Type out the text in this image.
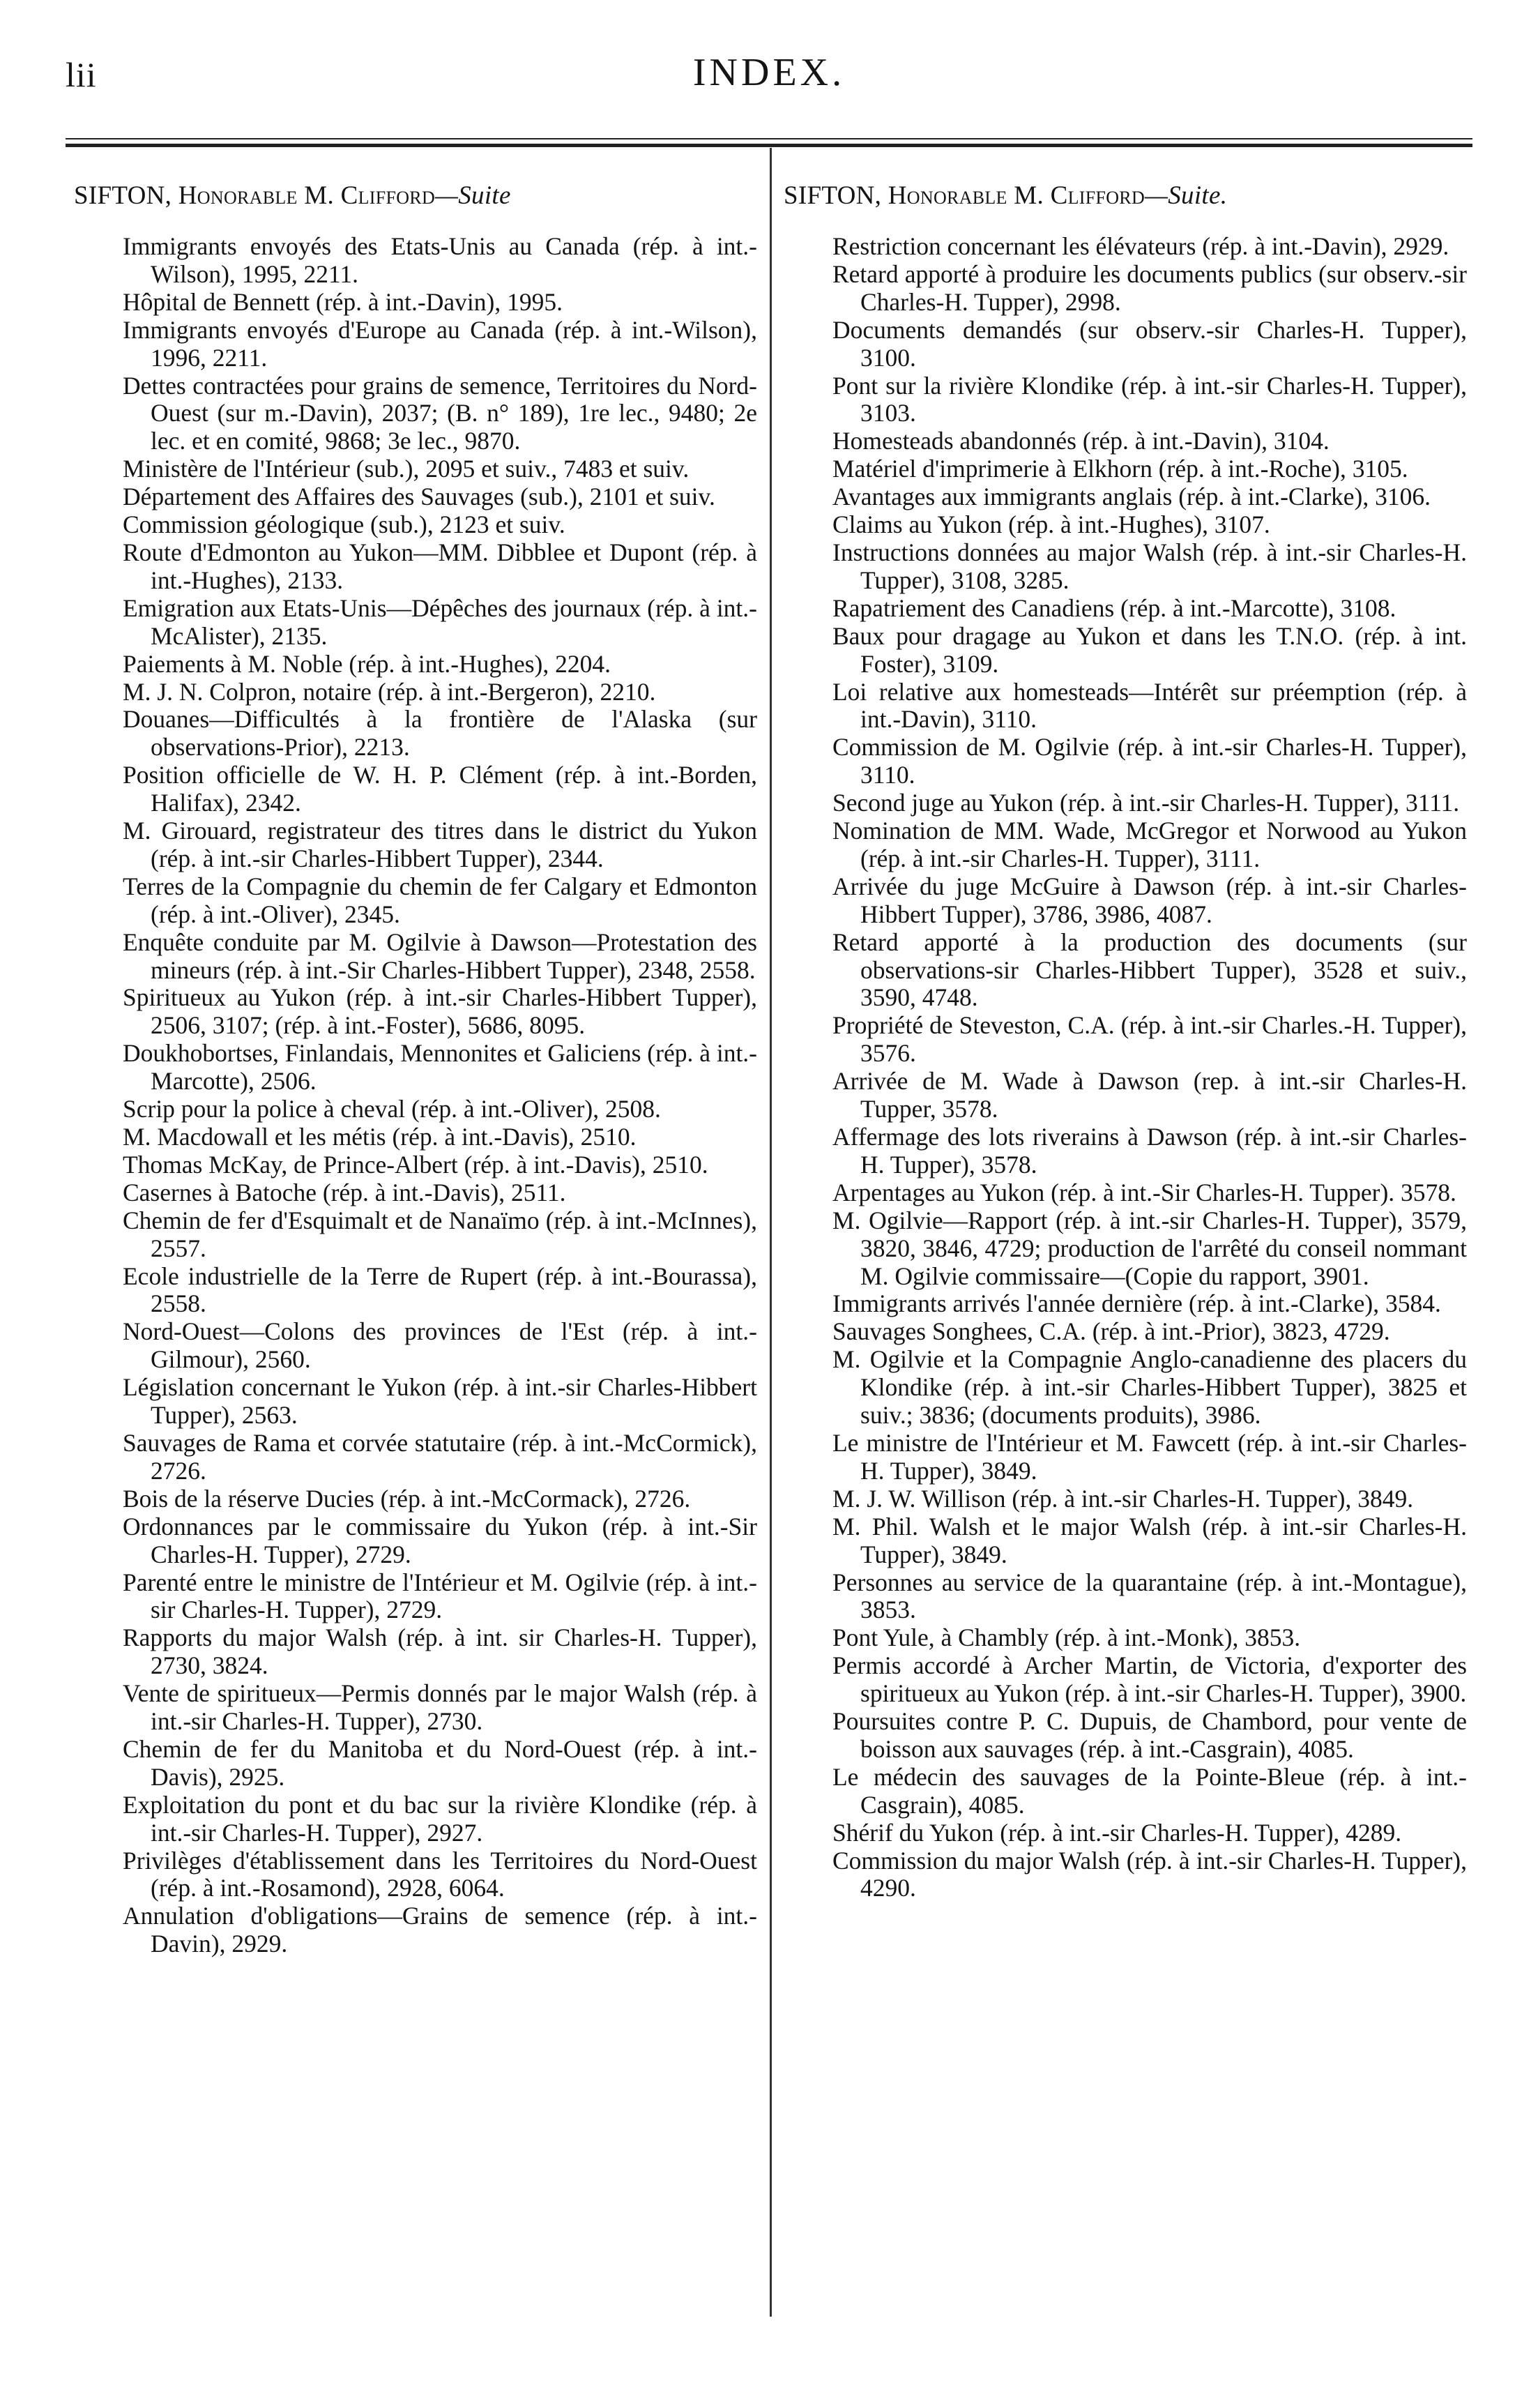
lii	INDEX.
SIFTON, Honorable M. Clifford—Suite
Immigrants envoyés des Etats-Unis au Canada (rép. à int.-Wilson), 1995, 2211.
Hôpital de Bennett (rép. à int.-Davin), 1995.
Immigrants envoyés d'Europe au Canada (rép. à int.-Wilson), 1996, 2211.
Dettes contractées pour grains de semence, Territoires du Nord-Ouest (sur m.-Davin), 2037; (B. n° 189), 1re lec., 9480; 2e lec. et en comité, 9868; 3e lec., 9870.
Ministère de l'Intérieur (sub.), 2095 et suiv., 7483 et suiv.
Département des Affaires des Sauvages (sub.), 2101 et suiv.
Commission géologique (sub.), 2123 et suiv.
Route d'Edmonton au Yukon—MM. Dibblee et Dupont (rép. à int.-Hughes), 2133.
Emigration aux Etats-Unis—Dépêches des journaux (rép. à int.-McAlister), 2135.
Paiements à M. Noble (rép. à int.-Hughes), 2204.
M. J. N. Colpron, notaire (rép. à int.-Bergeron), 2210.
Douanes—Difficultés à la frontière de l'Alaska (sur observations-Prior), 2213.
Position officielle de W. H. P. Clément (rép. à int.-Borden, Halifax), 2342.
M. Girouard, registrateur des titres dans le district du Yukon (rép. à int.-sir Charles-Hibbert Tupper), 2344.
Terres de la Compagnie du chemin de fer Calgary et Edmonton (rép. à int.-Oliver), 2345.
Enquête conduite par M. Ogilvie à Dawson—Protestation des mineurs (rép. à int.-Sir Charles-Hibbert Tupper), 2348, 2558.
Spiritueux au Yukon (rép. à int.-sir Charles-Hibbert Tupper), 2506, 3107; (rép. à int.-Foster), 5686, 8095.
Doukhobortses, Finlandais, Mennonites et Galiciens (rép. à int.-Marcotte), 2506.
Scrip pour la police à cheval (rép. à int.-Oliver), 2508.
M. Macdowall et les métis (rép. à int.-Davis), 2510.
Thomas McKay, de Prince-Albert (rép. à int.-Davis), 2510.
Casernes à Batoche (rép. à int.-Davis), 2511.
Chemin de fer d'Esquimalt et de Nanaïmo (rép. à int.-McInnes), 2557.
Ecole industrielle de la Terre de Rupert (rép. à int.-Bourassa), 2558.
Nord-Ouest—Colons des provinces de l'Est (rép. à int.-Gilmour), 2560.
Législation concernant le Yukon (rép. à int.-sir Charles-Hibbert Tupper), 2563.
Sauvages de Rama et corvée statutaire (rép. à int.-McCormick), 2726.
Bois de la réserve Ducies (rép. à int.-McCormack), 2726.
Ordonnances par le commissaire du Yukon (rép. à int.-Sir Charles-H. Tupper), 2729.
Parenté entre le ministre de l'Intérieur et M. Ogilvie (rép. à int.-sir Charles-H. Tupper), 2729.
Rapports du major Walsh (rép. à int. sir Charles-H. Tupper), 2730, 3824.
Vente de spiritueux—Permis donnés par le major Walsh (rép. à int.-sir Charles-H. Tupper), 2730.
Chemin de fer du Manitoba et du Nord-Ouest (rép. à int.-Davis), 2925.
Exploitation du pont et du bac sur la rivière Klondike (rép. à int.-sir Charles-H. Tupper), 2927.
Privilèges d'établissement dans les Territoires du Nord-Ouest (rép. à int.-Rosamond), 2928, 6064.
Annulation d'obligations—Grains de semence (rép. à int.-Davin), 2929.
SIFTON, Honorable M. Clifford—Suite.
Restriction concernant les élévateurs (rép. à int.-Davin), 2929.
Retard apporté à produire les documents publics (sur observ.-sir Charles-H. Tupper), 2998.
Documents demandés (sur observ.-sir Charles-H. Tupper), 3100.
Pont sur la rivière Klondike (rép. à int.-sir Charles-H. Tupper), 3103.
Homesteads abandonnés (rép. à int.-Davin), 3104.
Matériel d'imprimerie à Elkhorn (rép. à int.-Roche), 3105.
Avantages aux immigrants anglais (rép. à int.-Clarke), 3106.
Claims au Yukon (rép. à int.-Hughes), 3107.
Instructions données au major Walsh (rép. à int.-sir Charles-H. Tupper), 3108, 3285.
Rapatriement des Canadiens (rép. à int.-Marcotte), 3108.
Baux pour dragage au Yukon et dans les T.N.O. (rép. à int. Foster), 3109.
Loi relative aux homesteads—Intérêt sur préemption (rép. à int.-Davin), 3110.
Commission de M. Ogilvie (rép. à int.-sir Charles-H. Tupper), 3110.
Second juge au Yukon (rép. à int.-sir Charles-H. Tupper), 3111.
Nomination de MM. Wade, McGregor et Norwood au Yukon (rép. à int.-sir Charles-H. Tupper), 3111.
Arrivée du juge McGuire à Dawson (rép. à int.-sir Charles-Hibbert Tupper), 3786, 3986, 4087.
Retard apporté à la production des documents (sur observations-sir Charles-Hibbert Tupper), 3528 et suiv., 3590, 4748.
Propriété de Steveston, C.A. (rép. à int.-sir Charles.-H. Tupper), 3576.
Arrivée de M. Wade à Dawson (rep. à int.-sir Charles-H. Tupper, 3578.
Affermage des lots riverains à Dawson (rép. à int.-sir Charles-H. Tupper), 3578.
Arpentages au Yukon (rép. à int.-Sir Charles-H. Tupper). 3578.
M. Ogilvie—Rapport (rép. à int.-sir Charles-H. Tupper), 3579, 3820, 3846, 4729; production de l'arrêté du conseil nommant M. Ogilvie commissaire—(Copie du rapport, 3901.
Immigrants arrivés l'année dernière (rép. à int.-Clarke), 3584.
Sauvages Songhees, C.A. (rép. à int.-Prior), 3823, 4729.
M. Ogilvie et la Compagnie Anglo-canadienne des placers du Klondike (rép. à int.-sir Charles-Hibbert Tupper), 3825 et suiv.; 3836; (documents produits), 3986.
Le ministre de l'Intérieur et M. Fawcett (rép. à int.-sir Charles-H. Tupper), 3849.
M. J. W. Willison (rép. à int.-sir Charles-H. Tupper), 3849.
M. Phil. Walsh et le major Walsh (rép. à int.-sir Charles-H. Tupper), 3849.
Personnes au service de la quarantaine (rép. à int.-Montague), 3853.
Pont Yule, à Chambly (rép. à int.-Monk), 3853.
Permis accordé à Archer Martin, de Victoria, d'exporter des spiritueux au Yukon (rép. à int.-sir Charles-H. Tupper), 3900.
Poursuites contre P. C. Dupuis, de Chambord, pour vente de boisson aux sauvages (rép. à int.-Casgrain), 4085.
Le médecin des sauvages de la Pointe-Bleue (rép. à int.-Casgrain), 4085.
Shérif du Yukon (rép. à int.-sir Charles-H. Tupper), 4289.
Commission du major Walsh (rép. à int.-sir Charles-H. Tupper), 4290.
